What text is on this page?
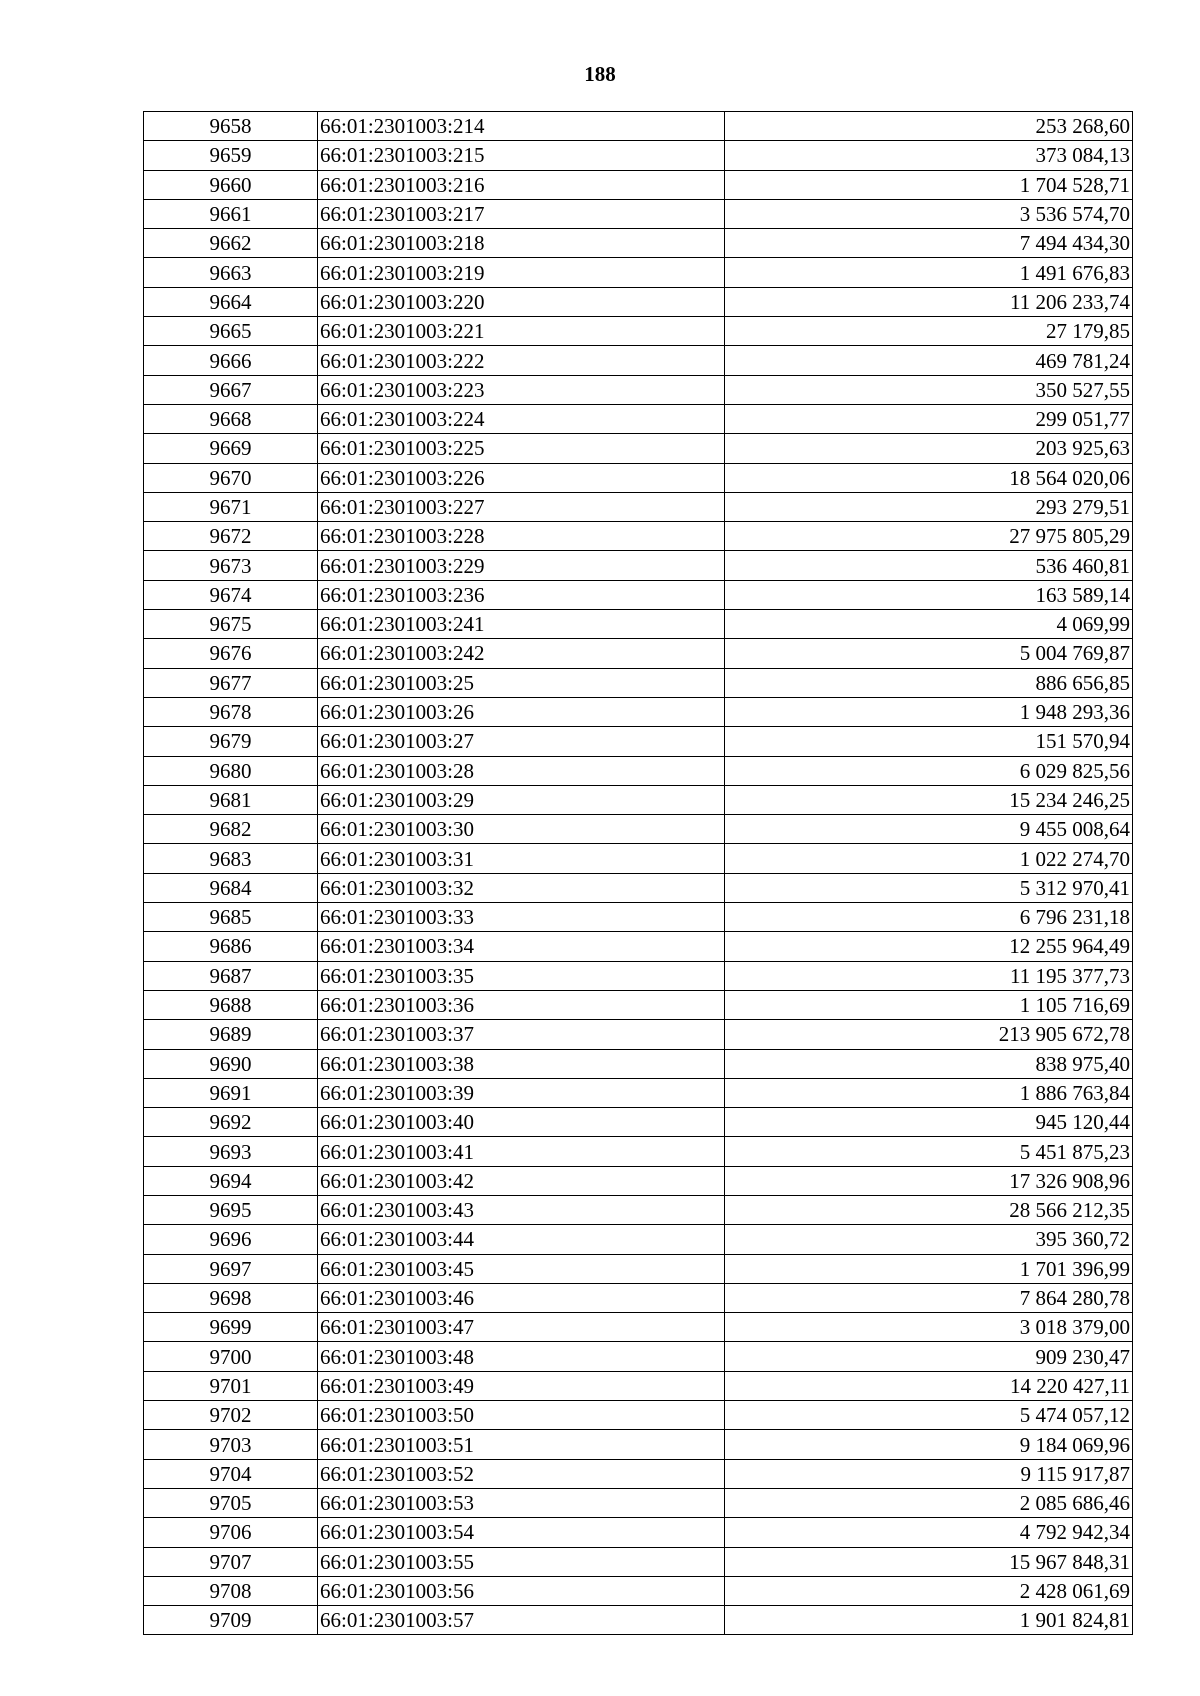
188
9658	66:01:2301003:214	253 268,60
9659	66:01:2301003:215	373 084,13
9660	66:01:2301003:216	1 704 528,71
9661	66:01:2301003:217	3 536 574,70
9662	66:01:2301003:218	7 494 434,30
9663	66:01:2301003:219	1 491 676,83
9664	66:01:2301003:220	11 206 233,74
9665	66:01:2301003:221	27 179,85
9666	66:01:2301003:222	469 781,24
9667	66:01:2301003:223	350 527,55
9668	66:01:2301003:224	299 051,77
9669	66:01:2301003:225	203 925,63
9670	66:01:2301003:226	18 564 020,06
9671	66:01:2301003:227	293 279,51
9672	66:01:2301003:228	27 975 805,29
9673	66:01:2301003:229	536 460,81
9674	66:01:2301003:236	163 589,14
9675	66:01:2301003:241	4 069,99
9676	66:01:2301003:242	5 004 769,87
9677	66:01:2301003:25	886 656,85
9678	66:01:2301003:26	1 948 293,36
9679	66:01:2301003:27	151 570,94
9680	66:01:2301003:28	6 029 825,56
9681	66:01:2301003:29	15 234 246,25
9682	66:01:2301003:30	9 455 008,64
9683	66:01:2301003:31	1 022 274,70
9684	66:01:2301003:32	5 312 970,41
9685	66:01:2301003:33	6 796 231,18
9686	66:01:2301003:34	12 255 964,49
9687	66:01:2301003:35	11 195 377,73
9688	66:01:2301003:36	1 105 716,69
9689	66:01:2301003:37	213 905 672,78
9690	66:01:2301003:38	838 975,40
9691	66:01:2301003:39	1 886 763,84
9692	66:01:2301003:40	945 120,44
9693	66:01:2301003:41	5 451 875,23
9694	66:01:2301003:42	17 326 908,96
9695	66:01:2301003:43	28 566 212,35
9696	66:01:2301003:44	395 360,72
9697	66:01:2301003:45	1 701 396,99
9698	66:01:2301003:46	7 864 280,78
9699	66:01:2301003:47	3 018 379,00
9700	66:01:2301003:48	909 230,47
9701	66:01:2301003:49	14 220 427,11
9702	66:01:2301003:50	5 474 057,12
9703	66:01:2301003:51	9 184 069,96
9704	66:01:2301003:52	9 115 917,87
9705	66:01:2301003:53	2 085 686,46
9706	66:01:2301003:54	4 792 942,34
9707	66:01:2301003:55	15 967 848,31
9708	66:01:2301003:56	2 428 061,69
9709	66:01:2301003:57	1 901 824,81
